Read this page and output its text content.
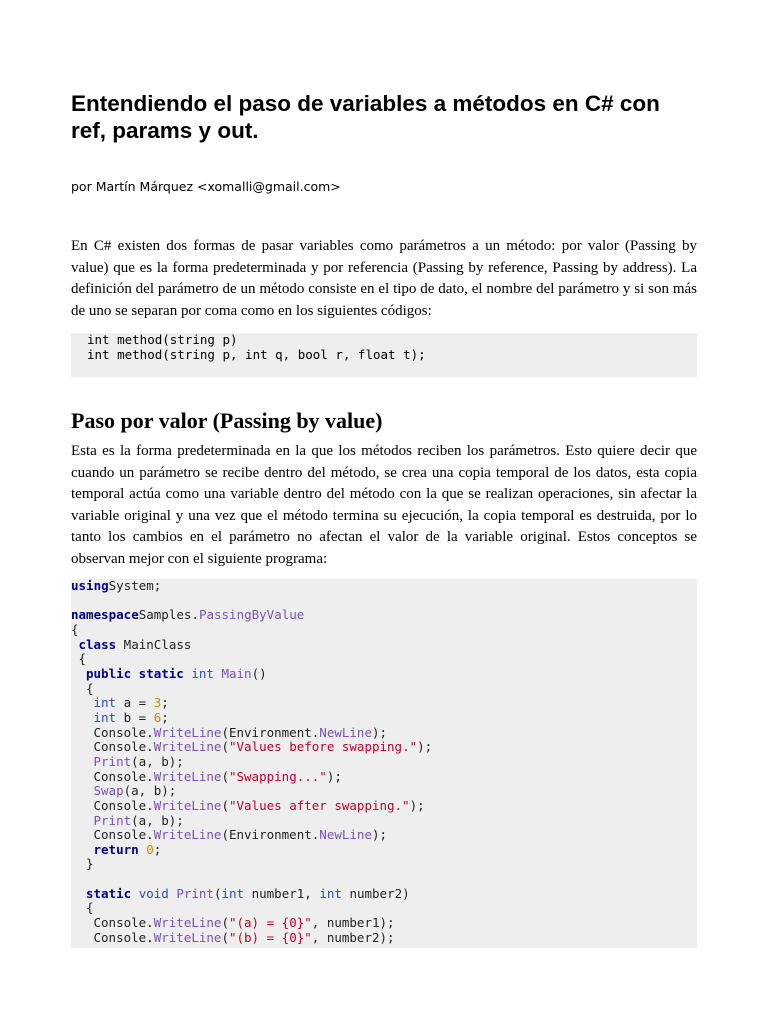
Entendiendo el paso de variables a métodos en C# con ref, params y out.

por Martín Márquez <xomalli@gmail.com>

En C# existen dos formas de pasar variables como parámetros a un método: por valor (Passing by value) que es la forma predeterminada y por referencia (Passing by reference, Passing by address). La definición del parámetro de un método consiste en el tipo de dato, el nombre del parámetro y si son más de uno se separan por coma como en los siguientes códigos:

int method(string p)
int method(string p, int q, bool r, float t);
Paso por valor (Passing by value)

Esta es la forma predeterminada en la que los métodos reciben los parámetros. Esto quiere decir que cuando un parámetro se recibe dentro del método, se crea una copia temporal de los datos, esta copia temporal actúa como una variable dentro del método con la que se realizan operaciones, sin afectar la variable original y una vez que el método termina su ejecución, la copia temporal es destruida, por lo tanto los cambios en el parámetro no afectan el valor de la variable original. Estos conceptos se observan mejor con el siguiente programa:

usingSystem;

namespaceSamples.PassingByValue
{
class MainClass
{
public static int Main()
{
int a = 3;
int b = 6;
Console.WriteLine(Environment.NewLine);
Console.WriteLine("Values before swapping.");
Print(a, b);
Console.WriteLine("Swapping...");
Swap(a, b);
Console.WriteLine("Values after swapping.");
Print(a, b);
Console.WriteLine(Environment.NewLine);
return 0;
}

static void Print(int number1, int number2)
{
Console.WriteLine("(a) = {0}", number1);
Console.WriteLine("(b) = {0}", number2);
